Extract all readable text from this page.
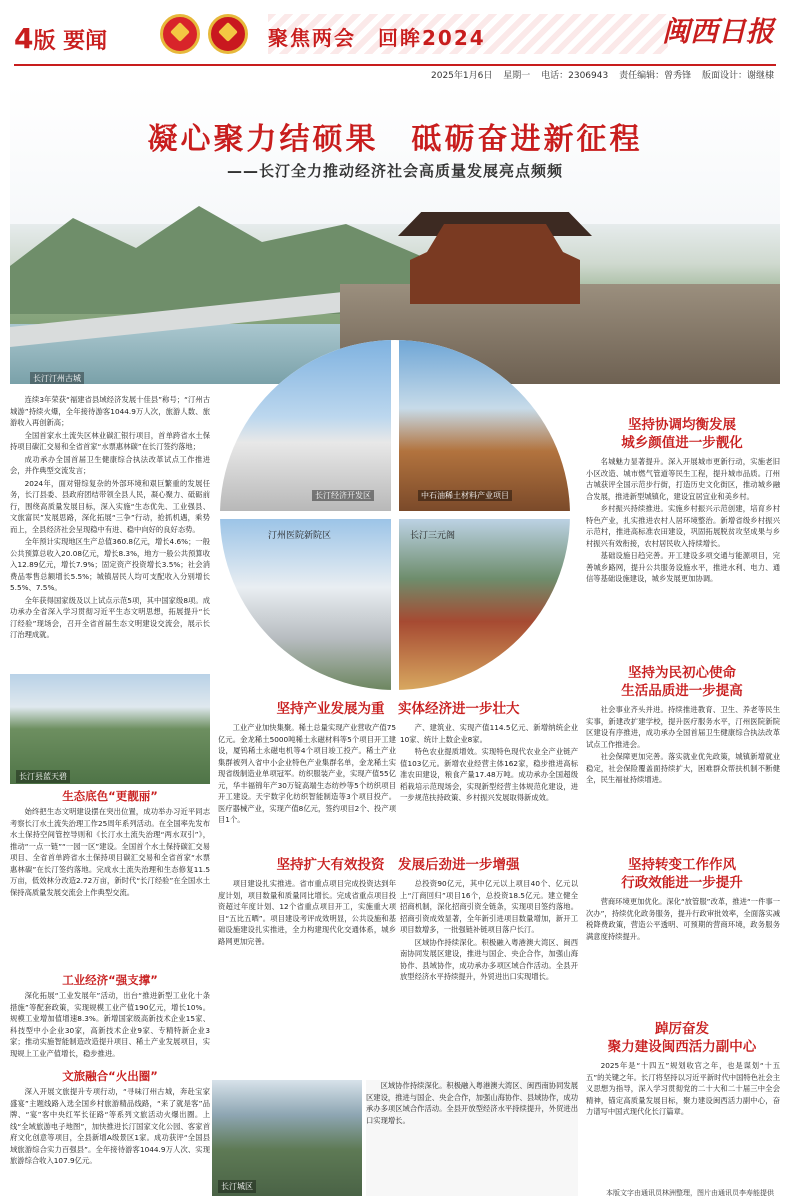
4版 要闻	聚焦两会　回眸2024	闽西日报
2025年1月6日 星期一 电话：2306943 责任编辑：曾秀锋 版面设计：谢继棣
凝心聚力结硕果　砥砺奋进新征程
——长汀全力推动经济社会高质量发展亮点频频
长汀汀州古城

连续3年荣获“福建省县域经济发展十佳县”称号；“汀州古城游”持续火爆，全年接待游客1044.9万人次，旅游人数、旅游收入再创新高；

全国首家水土流失区林业碳汇银行项目，首单跨省水土保持项目碳汇交易和全省首家“水票惠林碳”在长汀签约落地；

成功承办全国首届卫生健康综合执法改革试点工作推进会，并作典型交流发言；

2024年，面对错综复杂的外部环境和艰巨繁重的发展任务，长汀县委、县政府团结带领全县人民，凝心聚力、砥砺前行，围绕高质量发展目标，深入实施“生态优先、工业强县、文旅富民”发展思路，深化拓展“三争”行动，抢抓机遇，乘势而上，全县经济社会呈现稳中有进、稳中向好的良好态势。

全年预计实现地区生产总值360.8亿元，增长4.6%；一般公共预算总收入20.08亿元，增长8.3%，地方一般公共预算收入12.89亿元，增长7.9%；固定资产投资增长3.5%；社会消费品零售总额增长5.5%；城镇居民人均可支配收入分别增长5.5%、7.5%。

全年获得国家级及以上试点示范5项，其中国家级8项。成功承办全省深入学习贯彻习近平生态文明思想，拓展提升“长汀经验”现场会，召开全省首届生态文明建设交流会，展示长汀治理成就。

长汀经济开发区	中石油稀土材料产业项目
汀州医院新院区	长汀三元阁
长汀县蓝天碧
生态底色“更靓丽”

始终把生态文明建设摆在突出位置，成功举办习近平同志考察长汀水土流失治理工作25周年系列活动。在全国率先发布水土保持空间管控导则和《长汀水土流失治理“两水双引”》，推动“一点一链”“一园一区”建设。全国首个水土保持碳汇交易项目、全省首单跨省水土保持项目碳汇交易和全省首家“水票惠林碳”在长汀签约落地。完成水土流失治理和生态修复11.5万亩，低效林分改造2.72万亩，新时代“长汀经验”在全国水土保持高质量发展交流会上作典型交流。

工业经济“强支撑”

深化拓展“工业发展年”活动，出台“推进新型工业化十条措施”等配套政策，实现规模工业产值190亿元，增长10%。规模工业增加值增速8.3%。新增国家级高新技术企业15家、科技型中小企业30家，高新技术企业9家、专精特新企业3家；推动实施智能制造改造提升项目、稀土产业发展项目，实现规上工业产值增长，稳步推进。

文旅融合“火出圈”

深入开展文旅提升专项行动，“寻味汀州古城，奔赴宝家盛宴”主题线路入选全国乡村旅游精品线路，“来了就是客”品牌、“宴”客中央红军长征路“等系列文旅活动火爆出圈。上线“全域旅游电子地图”，加快推进长汀国家文化公园、客家首府文化创意等项目，全县新增A级景区1家。成功获评“全国县域旅游综合实力百强县”。全年接待游客1044.9万人次、实现旅游综合收入107.9亿元。

坚持产业发展为重　实体经济进一步壮大

工业产业加快集聚。稀土总量实现产业营收产值75亿元。金龙稀土5000吨稀土永磁材料等5个项目开工建设，厦钨稀土永磁电机等4个项目竣工投产。稀土产业集群被列入省中小企业特色产业集群名单，金龙稀土实现省级制造业单项冠军。纺织服装产业，实现产值55亿元，华丰福锦年产30万锭高端生态纺纱等5个纺织项目开工建设。天宇数字化纺织智能制造等3个项目投产。医疗器械产业，实现产值8亿元，签约项目2个、投产项目1个。

产、建筑业、实现产值114.5亿元、新增纳统企业10家、统计上数企业8家。

特色农业提质增效。实现特色现代农业全产业链产值103亿元。新增农业经营主体162家，稳步推进高标准农田建设，粮食产量17.48万吨。成功承办全国超级稻栽培示范现场会，实现新型经营主体规范化建设，进一步规范扶持政策、乡村振兴发展取得新成效。

坚持扩大有效投资　发展后劲进一步增强

项目建设扎实推进。省市重点项目完成投资达到年度计划，项目数量和质量同比增长。完成省重点项目投资超过年度计划、12个省重点项目开工，实施重大项目“五比五晒”。项目建设考评成效明显，公共设施和基础设施建设扎实推进，全力构建现代化交通体系，城乡路网更加完善。

总投资90亿元，其中亿元以上项目40个、亿元以上“汀商回归”项目16个，总投资18.5亿元。建立健全招商机制，深化招商引资全链条，实现项目签约落地。招商引资成效显著，全年新引进项目数量增加，新开工项目数增多，一批强链补链项目落户长汀。

区域协作持续深化。积极融入粤港澳大湾区、闽西南协同发展区建设，推进与国企、央企合作，加强山海协作、县域协作，成功承办多项区域合作活动。全县开放型经济水平持续提升，外贸进出口实现增长。

长汀城区

区域协作持续深化。积极融入粤港澳大湾区、闽西南协同发展区建设，推进与国企、央企合作，加强山海协作、县域协作，成功承办多项区域合作活动。全县开放型经济水平持续提升，外贸进出口实现增长。

坚持协调均衡发展
城乡颜值进一步靓化

名城魅力显著提升。深入开展城市更新行动，实施老旧小区改造、城市燃气管道等民生工程，提升城市品质。汀州古城获评全国示范步行街，打造历史文化街区，推动城乡融合发展，推进新型城镇化，建设宜居宜业和美乡村。

乡村振兴持续推进。实施乡村振兴示范创建，培育乡村特色产业，扎实推进农村人居环境整治。新增省级乡村振兴示范村，推进高标准农田建设，巩固拓展脱贫攻坚成果与乡村振兴有效衔接，农村居民收入持续增长。

基础设施日趋完善。开工建设多项交通与能源项目，完善城乡路网，提升公共服务设施水平，推进水利、电力、通信等基础设施建设，城乡发展更加协调。

坚持为民初心使命
生活品质进一步提高

社会事业齐头并进。持续推进教育、卫生、养老等民生实事，新建改扩建学校，提升医疗服务水平，汀州医院新院区建设有序推进，成功承办全国首届卫生健康综合执法改革试点工作推进会。

社会保障更加完善。落实就业优先政策，城镇新增就业稳定，社会保险覆盖面持续扩大，困难群众帮扶机制不断健全，民生福祉持续增进。

坚持转变工作作风
行政效能进一步提升

营商环境更加优化。深化“放管服”改革，推进“一件事一次办”，持续优化政务服务，提升行政审批效率，全面落实减税降费政策，营造公平透明、可预期的营商环境，政务服务满意度持续提升。

踔厉奋发
聚力建设闽西活力副中心

2025年是“十四五”规划收官之年，也是谋划“十五五”的关键之年。长汀将坚持以习近平新时代中国特色社会主义思想为指导，深入学习贯彻党的二十大和二十届三中全会精神，锚定高质量发展目标，聚力建设闽西活力副中心，奋力谱写中国式现代化长汀篇章。

本版文字由通讯员林洲整理，图片由通讯员李寿能提供
